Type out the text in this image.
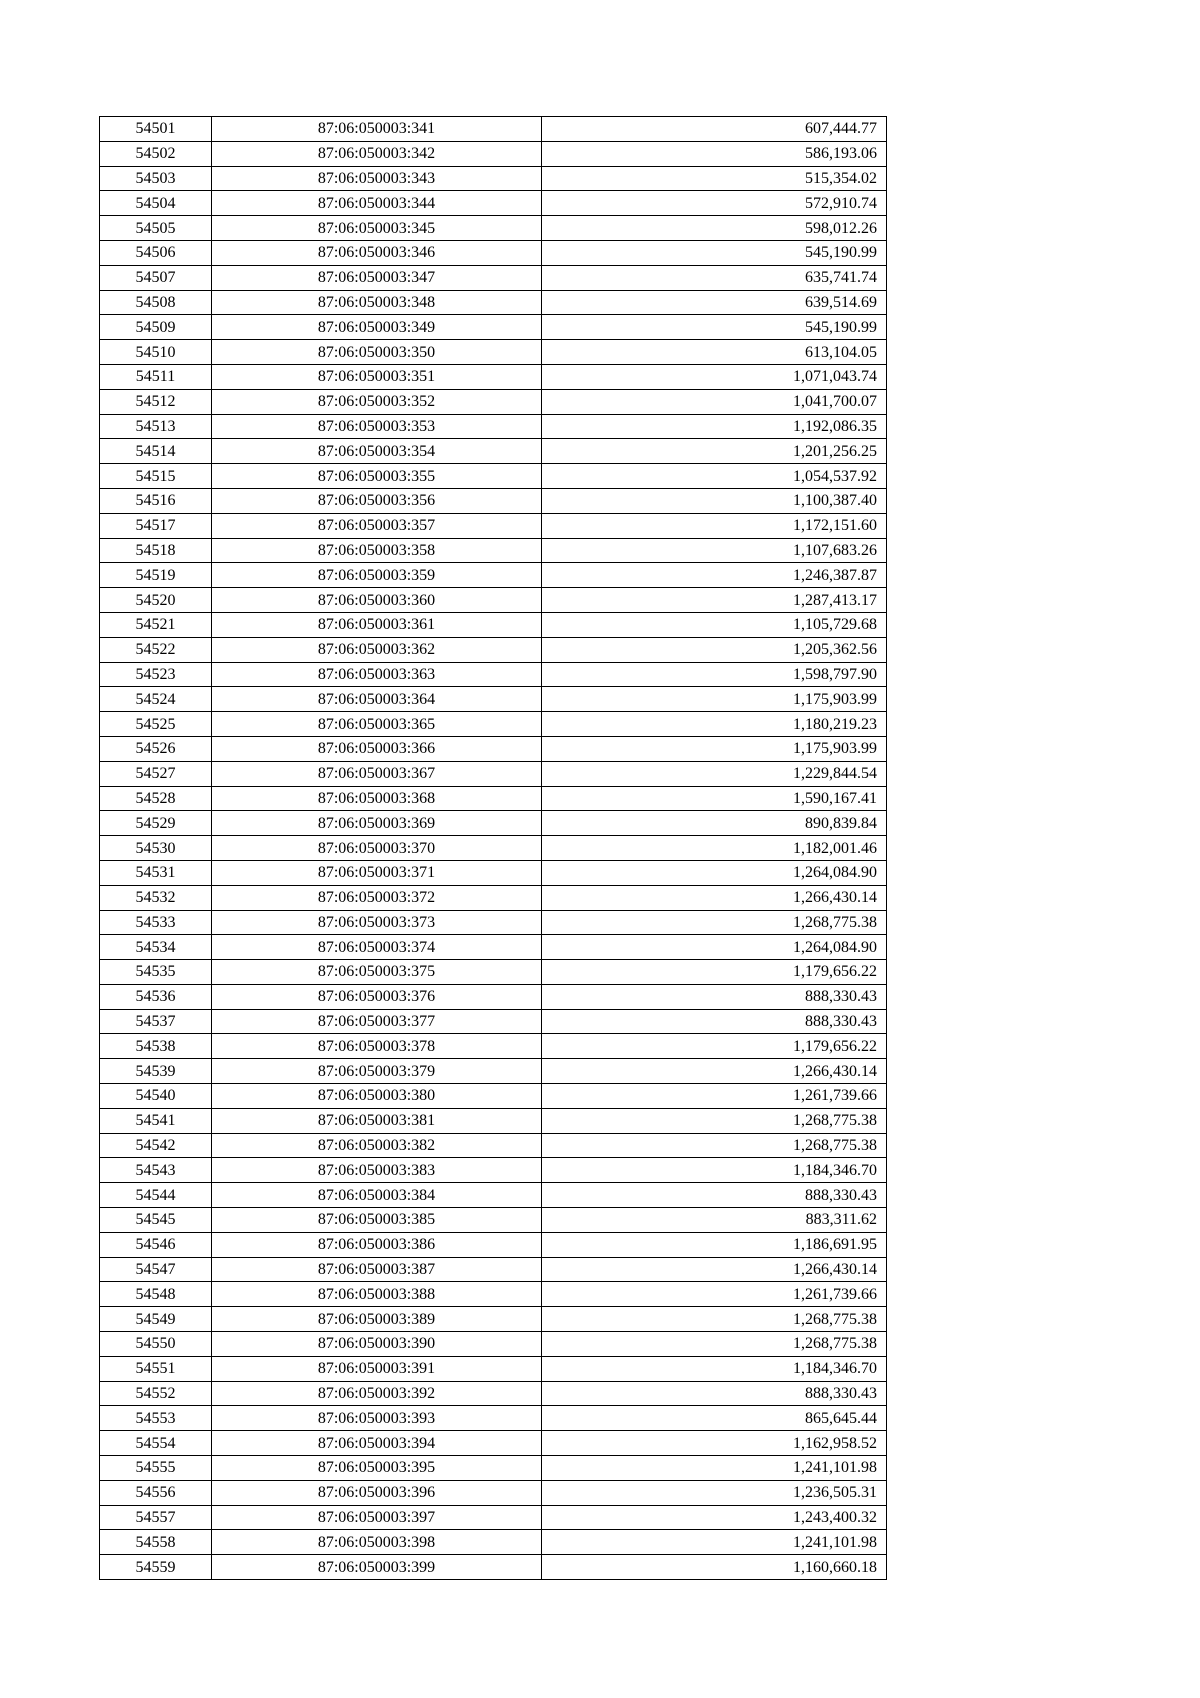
54501	87:06:050003:341	607,444.77
54502	87:06:050003:342	586,193.06
54503	87:06:050003:343	515,354.02
54504	87:06:050003:344	572,910.74
54505	87:06:050003:345	598,012.26
54506	87:06:050003:346	545,190.99
54507	87:06:050003:347	635,741.74
54508	87:06:050003:348	639,514.69
54509	87:06:050003:349	545,190.99
54510	87:06:050003:350	613,104.05
54511	87:06:050003:351	1,071,043.74
54512	87:06:050003:352	1,041,700.07
54513	87:06:050003:353	1,192,086.35
54514	87:06:050003:354	1,201,256.25
54515	87:06:050003:355	1,054,537.92
54516	87:06:050003:356	1,100,387.40
54517	87:06:050003:357	1,172,151.60
54518	87:06:050003:358	1,107,683.26
54519	87:06:050003:359	1,246,387.87
54520	87:06:050003:360	1,287,413.17
54521	87:06:050003:361	1,105,729.68
54522	87:06:050003:362	1,205,362.56
54523	87:06:050003:363	1,598,797.90
54524	87:06:050003:364	1,175,903.99
54525	87:06:050003:365	1,180,219.23
54526	87:06:050003:366	1,175,903.99
54527	87:06:050003:367	1,229,844.54
54528	87:06:050003:368	1,590,167.41
54529	87:06:050003:369	890,839.84
54530	87:06:050003:370	1,182,001.46
54531	87:06:050003:371	1,264,084.90
54532	87:06:050003:372	1,266,430.14
54533	87:06:050003:373	1,268,775.38
54534	87:06:050003:374	1,264,084.90
54535	87:06:050003:375	1,179,656.22
54536	87:06:050003:376	888,330.43
54537	87:06:050003:377	888,330.43
54538	87:06:050003:378	1,179,656.22
54539	87:06:050003:379	1,266,430.14
54540	87:06:050003:380	1,261,739.66
54541	87:06:050003:381	1,268,775.38
54542	87:06:050003:382	1,268,775.38
54543	87:06:050003:383	1,184,346.70
54544	87:06:050003:384	888,330.43
54545	87:06:050003:385	883,311.62
54546	87:06:050003:386	1,186,691.95
54547	87:06:050003:387	1,266,430.14
54548	87:06:050003:388	1,261,739.66
54549	87:06:050003:389	1,268,775.38
54550	87:06:050003:390	1,268,775.38
54551	87:06:050003:391	1,184,346.70
54552	87:06:050003:392	888,330.43
54553	87:06:050003:393	865,645.44
54554	87:06:050003:394	1,162,958.52
54555	87:06:050003:395	1,241,101.98
54556	87:06:050003:396	1,236,505.31
54557	87:06:050003:397	1,243,400.32
54558	87:06:050003:398	1,241,101.98
54559	87:06:050003:399	1,160,660.18
